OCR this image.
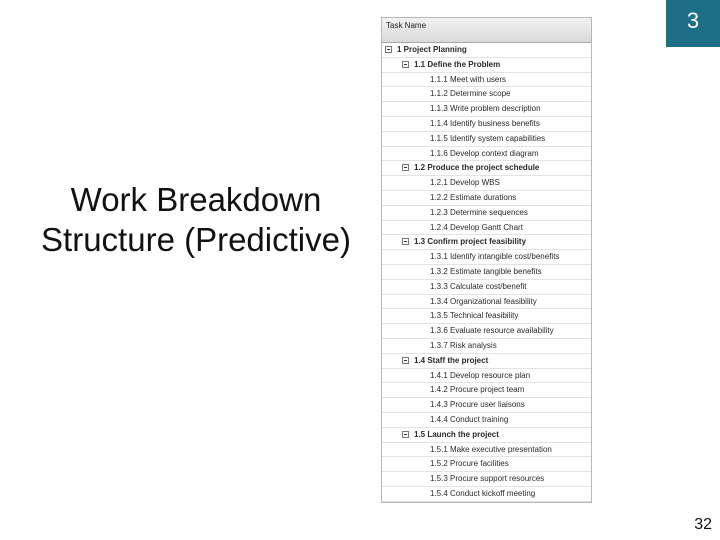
3
Work Breakdown Structure (Predictive)
Task Name
1 Project Planning
1.1 Define the Problem
1.1.1 Meet with users
1.1.2 Determine scope
1.1.3 Write problem description
1.1.4 Identify business benefits
1.1.5 Identify system capabilities
1.1.6 Develop context diagram
1.2 Produce the project schedule
1.2.1 Develop WBS
1.2.2 Estimate durations
1.2.3 Determine sequences
1.2.4 Develop Gantt Chart
1.3 Confirm project feasibility
1.3.1 Identify intangible cost/benefits
1.3.2 Estimate tangible benefits
1.3.3 Calculate cost/benefit
1.3.4 Organizational feasibility
1.3.5 Technical feasibility
1.3.6 Evaluate resource availability
1.3.7 Risk analysis
1.4 Staff the project
1.4.1 Develop resource plan
1.4.2 Procure project team
1.4.3 Procure user liaisons
1.4.4 Conduct training
1.5 Launch the project
1.5.1 Make executive presentation
1.5.2 Procure facilities
1.5.3 Procure support resources
1.5.4 Conduct kickoff meeting
32
